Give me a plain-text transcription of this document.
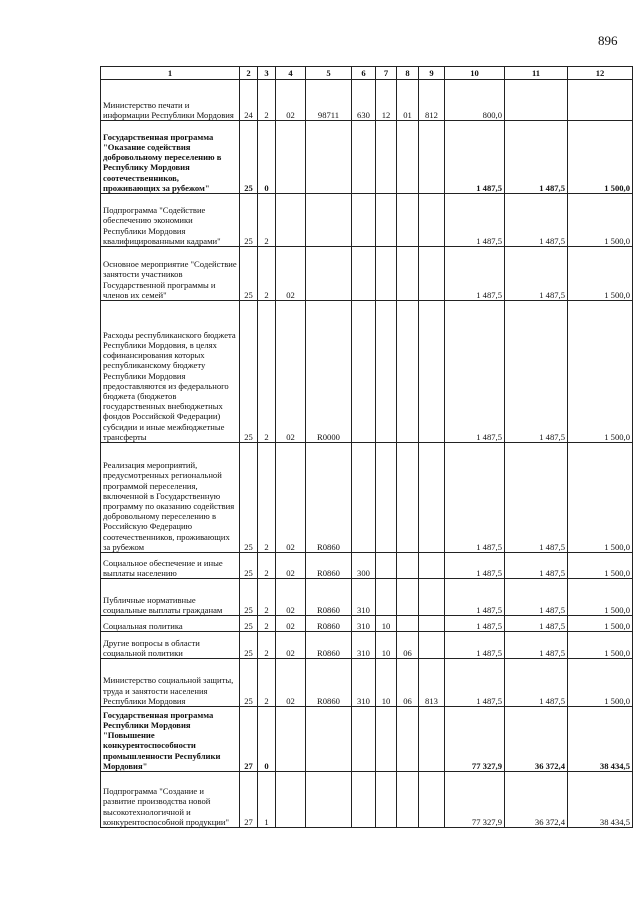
896
1	2	3	4	5	6	7	8	9	10	11	12
Министерство печати и информации Республики Мордовия	24	2	02	98711	630	12	01	812	800,0		
Государственная программа "Оказание содействия добровольному переселению в Республику Мордовия соотечественников, проживающих за рубежом"	25	0							1 487,5	1 487,5	1 500,0
Подпрограмма "Содействие обеспечению экономики Республики Мордовия квалифицированными кадрами"	25	2							1 487,5	1 487,5	1 500,0
Основное мероприятие "Содействие занятости участников Государственной программы и членов их семей"	25	2	02						1 487,5	1 487,5	1 500,0
Расходы республиканского бюджета Республики Мордовия, в целях софинансирования которых республиканскому бюджету Республики Мордовия предоставляются из федерального бюджета (бюджетов государственных внебюджетных фондов Российской Федерации) субсидии и иные межбюджетные трансферты	25	2	02	R0000					1 487,5	1 487,5	1 500,0
Реализация мероприятий, предусмотренных региональной программой переселения, включенной в Государственную программу по оказанию содействия добровольному переселению в Российскую Федерацию соотечественников, проживающих за рубежом	25	2	02	R0860					1 487,5	1 487,5	1 500,0
Социальное обеспечение и иные выплаты населению	25	2	02	R0860	300				1 487,5	1 487,5	1 500,0
Публичные нормативные социальные выплаты гражданам	25	2	02	R0860	310				1 487,5	1 487,5	1 500,0
Социальная политика	25	2	02	R0860	310	10			1 487,5	1 487,5	1 500,0
Другие вопросы в области социальной политики	25	2	02	R0860	310	10	06		1 487,5	1 487,5	1 500,0
Министерство социальной защиты, труда и занятости населения Республики Мордовия	25	2	02	R0860	310	10	06	813	1 487,5	1 487,5	1 500,0
Государственная программа Республики Мордовия "Повышение конкурентоспособности промышленности Республики Мордовия"	27	0							77 327,9	36 372,4	38 434,5
Подпрограмма "Создание и развитие производства новой высокотехнологичной и конкурентоспособной продукции"	27	1							77 327,9	36 372,4	38 434,5
